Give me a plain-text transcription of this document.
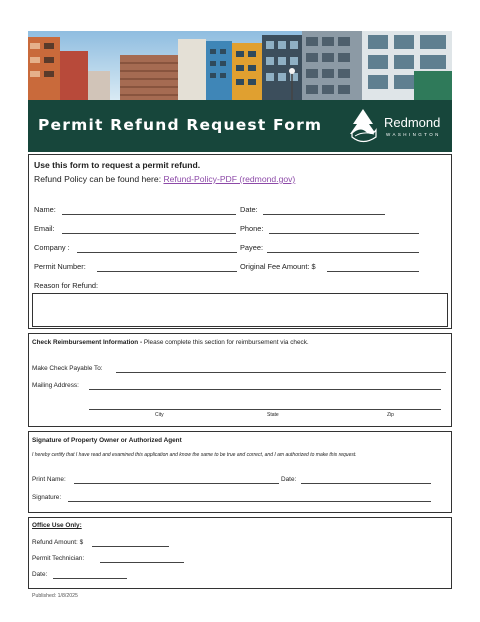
Permit Refund Request Form	Redmond
WASHINGTON
Use this form to request a permit refund.
Refund Policy can be found here: Refund-Policy-PDF (redmond.gov)
Name:	Date:
Email:	Phone:
Company :	Payee:
Permit Number:	Original Fee Amount: $
Reason for Refund:
Check Reimbursement Information - Please complete this section for reimbursement via check.
Make Check Payable To:
Mailing Address:
City	State	Zip
Signature of Property Owner or Authorized Agent
I hereby certify that I have read and examined this application and know the same to be true and correct, and I am authorized to make this request.
Print Name:	Date:
Signature:
Office Use Only:
Refund Amount: $
Permit Technician:
Date:
Published: 1/8/2025
